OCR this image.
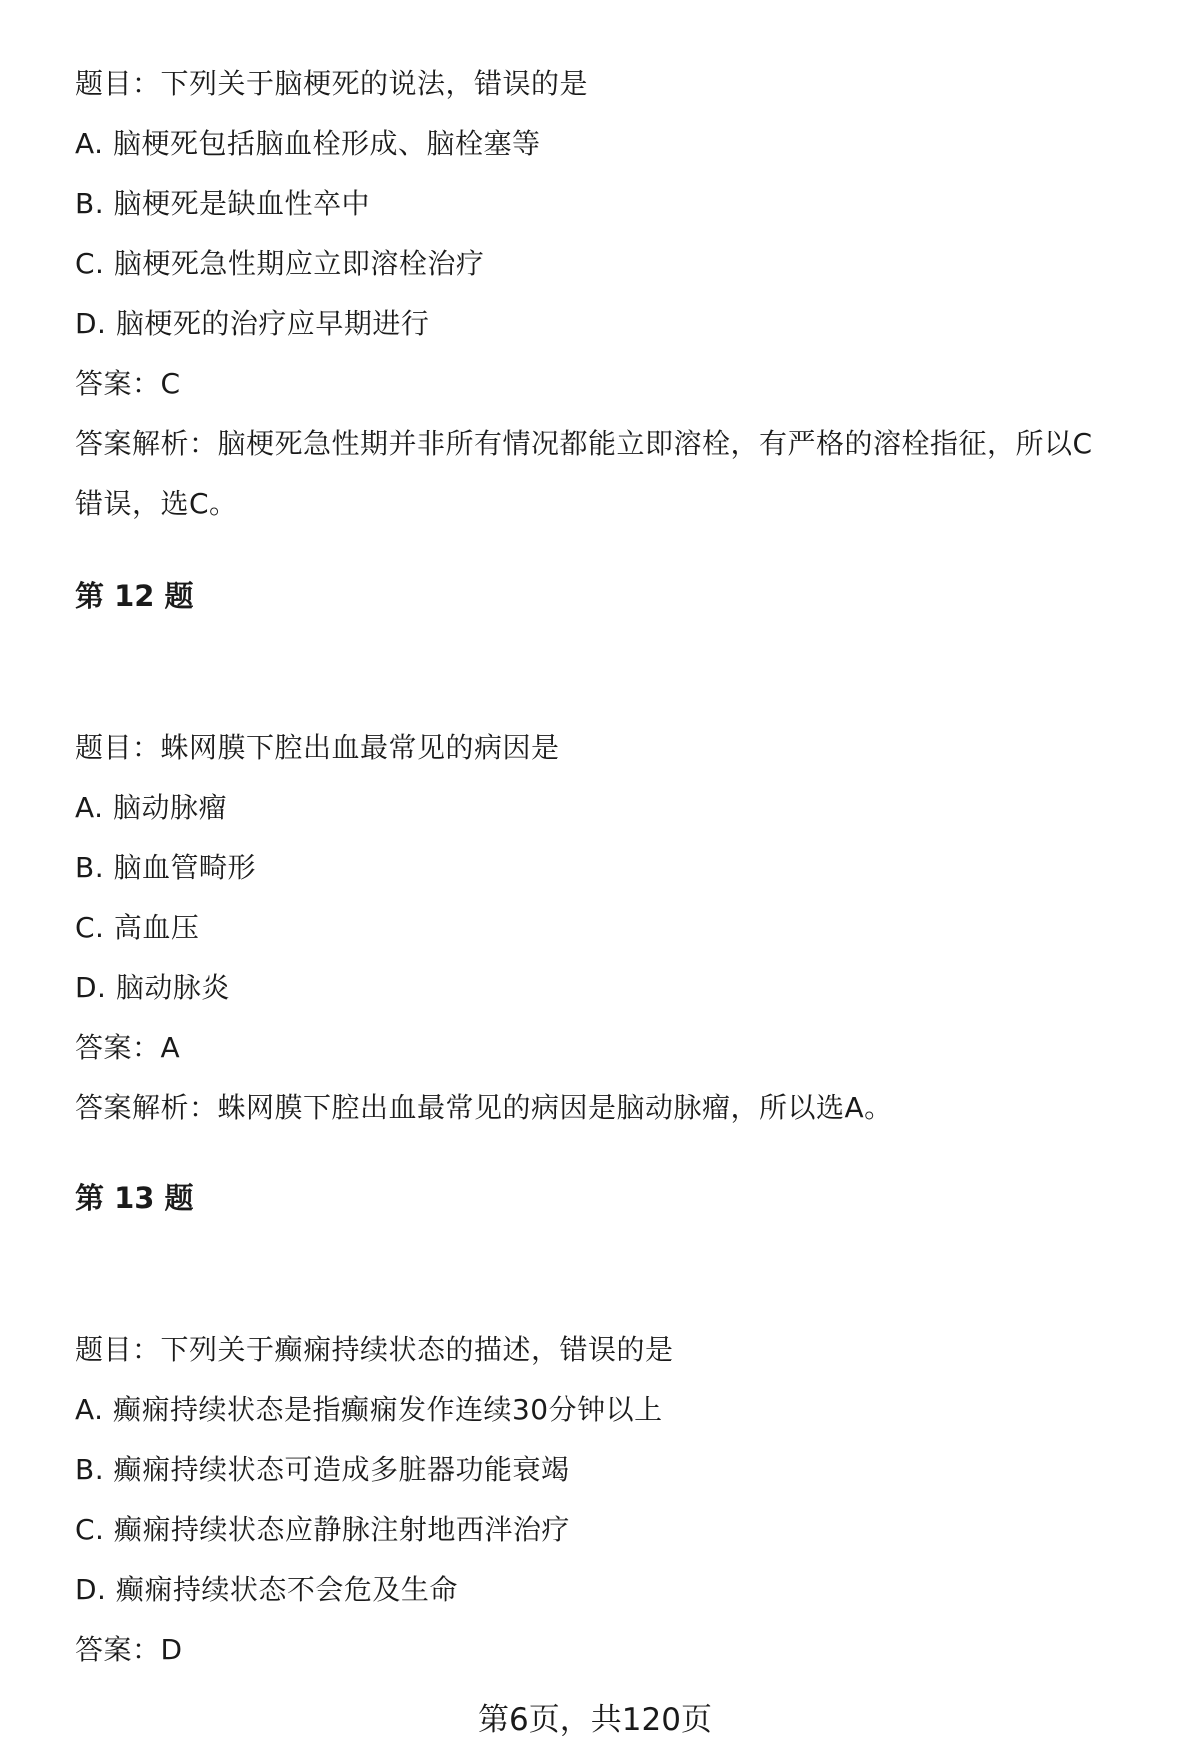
题目：下列关于脑梗死的说法，错误的是
A. 脑梗死包括脑血栓形成、脑栓塞等
B. 脑梗死是缺血性卒中
C. 脑梗死急性期应立即溶栓治疗
D. 脑梗死的治疗应早期进行
答案：C
答案解析：脑梗死急性期并非所有情况都能立即溶栓，有严格的溶栓指征，所以C
错误，选C。
第 12 题
题目：蛛网膜下腔出血最常见的病因是
A. 脑动脉瘤
B. 脑血管畸形
C. 高血压
D. 脑动脉炎
答案：A
答案解析：蛛网膜下腔出血最常见的病因是脑动脉瘤，所以选A。
第 13 题
题目：下列关于癫痫持续状态的描述，错误的是
A. 癫痫持续状态是指癫痫发作连续30分钟以上
B. 癫痫持续状态可造成多脏器功能衰竭
C. 癫痫持续状态应静脉注射地西泮治疗
D. 癫痫持续状态不会危及生命
答案：D
第6页，共120页
